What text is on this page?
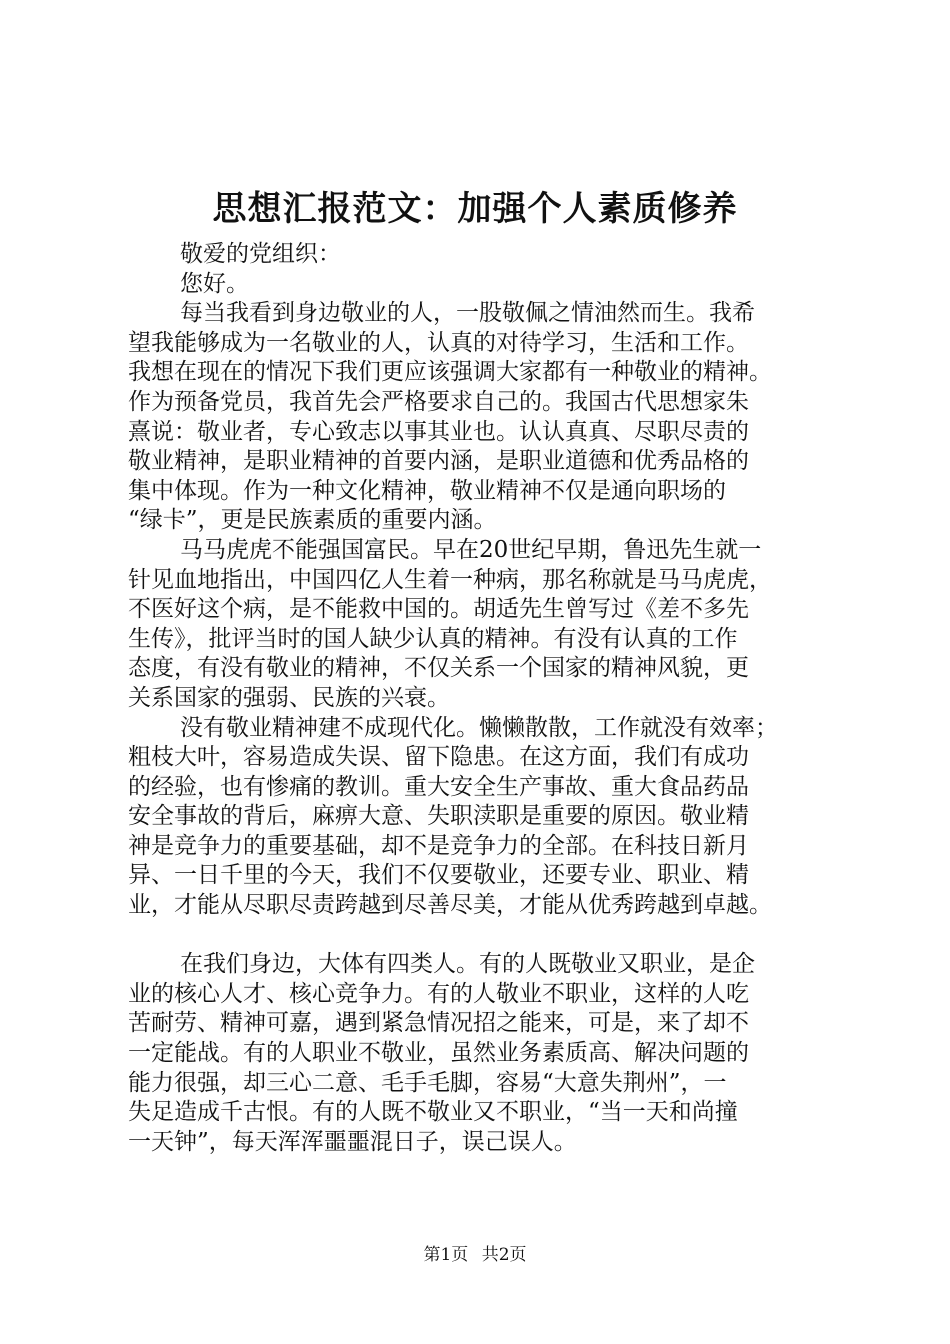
思想汇报范文：加强个人素质修养
敬爱的党组织：
您好。
每当我看到身边敬业的人，一股敬佩之情油然而生。我希
望我能够成为一名敬业的人，认真的对待学习，生活和工作。
我想在现在的情况下我们更应该强调大家都有一种敬业的精神。
作为预备党员，我首先会严格要求自己的。我国古代思想家朱
熹说：敬业者，专心致志以事其业也。认认真真、尽职尽责的
敬业精神，是职业精神的首要内涵，是职业道德和优秀品格的
集中体现。作为一种文化精神，敬业精神不仅是通向职场的
“绿卡”，更是民族素质的重要内涵。
马马虎虎不能强国富民。早在20世纪早期，鲁迅先生就一
针见血地指出，中国四亿人生着一种病，那名称就是马马虎虎，
不医好这个病，是不能救中国的。胡适先生曾写过《差不多先
生传》，批评当时的国人缺少认真的精神。有没有认真的工作
态度，有没有敬业的精神，不仅关系一个国家的精神风貌，更
关系国家的强弱、民族的兴衰。
没有敬业精神建不成现代化。懒懒散散，工作就没有效率；
粗枝大叶，容易造成失误、留下隐患。在这方面，我们有成功
的经验，也有惨痛的教训。重大安全生产事故、重大食品药品
安全事故的背后，麻痹大意、失职渎职是重要的原因。敬业精
神是竞争力的重要基础，却不是竞争力的全部。在科技日新月
异、一日千里的今天，我们不仅要敬业，还要专业、职业、精
业，才能从尽职尽责跨越到尽善尽美，才能从优秀跨越到卓越。
在我们身边，大体有四类人。有的人既敬业又职业，是企
业的核心人才、核心竞争力。有的人敬业不职业，这样的人吃
苦耐劳、精神可嘉，遇到紧急情况招之能来，可是，来了却不
一定能战。有的人职业不敬业，虽然业务素质高、解决问题的
能力很强，却三心二意、毛手毛脚，容易“大意失荆州”，一
失足造成千古恨。有的人既不敬业又不职业，“当一天和尚撞
一天钟”，每天浑浑噩噩混日子，误己误人。
第1页 共2页
